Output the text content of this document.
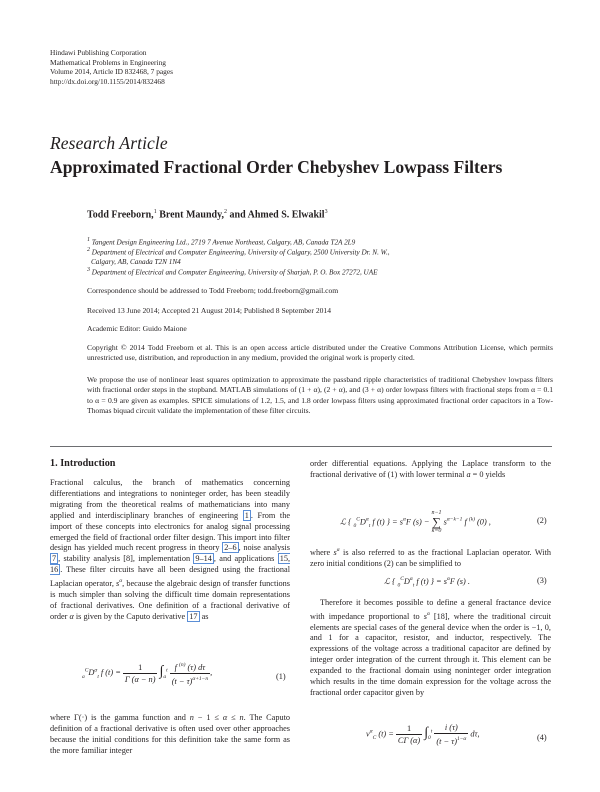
Hindawi Publishing Corporation
Mathematical Problems in Engineering
Volume 2014, Article ID 832468, 7 pages
http://dx.doi.org/10.1155/2014/832468
Research Article
Approximated Fractional Order Chebyshev Lowpass Filters
Todd Freeborn,$^1$ Brent Maundy,$^2$ and Ahmed S. Elwakil$^3$
$^1$ Tangent Design Engineering Ltd., 2719 7 Avenue Northeast, Calgary, AB, Canada T2A 2L9
$^2$ Department of Electrical and Computer Engineering, University of Calgary, 2500 University Dr. N. W.,
Calgary, AB, Canada T2N 1N4
$^3$ Department of Electrical and Computer Engineering, University of Sharjah, P. O. Box 27272, UAE
Correspondence should be addressed to Todd Freeborn; todd.freeborn@gmail.com
Received 13 June 2014; Accepted 21 August 2014; Published 8 September 2014
Academic Editor: Guido Maione
Copyright © 2014 Todd Freeborn et al. This is an open access article distributed under the Creative Commons Attribution License, which permits unrestricted use, distribution, and reproduction in any medium, provided the original work is properly cited.
We propose the use of nonlinear least squares optimization to approximate the passband ripple characteristics of traditional Chebyshev lowpass filters with fractional order steps in the stopband. MATLAB simulations of (1 + α), (2 + α), and (3 + α) order lowpass filters with fractional steps from α = 0.1 to α = 0.9 are given as examples. SPICE simulations of 1.2, 1.5, and 1.8 order lowpass filters using approximated fractional order capacitors in a Tow-Thomas biquad circuit validate the implementation of these filter circuits.
1. Introduction

Fractional calculus, the branch of mathematics concerning differentiations and integrations to noninteger order, has been steadily migrating from the theoretical realms of mathematicians into many applied and interdisciplinary branches of engineering 1 . From the import of these concepts into electronics for analog signal processing emerged the field of fractional order filter design. This import into filter design has yielded much recent progress in theory 2–6 , noise analysis 7 , stability analysis [8], implementation 9–14 , and applications 15, 16 . These filter circuits have all been designed using the fractional Laplacian operator, $s^\alpha$, because the algebraic design of transfer functions is much simpler than solving the difficult time domain representations of fractional derivatives. One definition of a fractional derivative of order α is given by the Caputo derivative 17 as

$_a^CD^\alpha_t$ f $(t) = \frac{1}{\Gamma (\alpha - n)} \int_a^t \frac{f ^{(n)} (\tau) d\tau}{(t - \tau)^{\alpha+1-n}}$ ,	(1)

where Γ(·) is the gamma function and n − 1 ≤ α ≤ n. The Caputo definition of a fractional derivative is often used over other approaches because the initial conditions for this definition take the same form as the more familiar integer

order differential equations. Applying the Laplace transform to the fractional derivative of (1) with lower terminal a = 0 yields

ℒ { $_0^CD^\alpha_t$ f (t) } = $s^\alpha F$ (s) −
n−1
∑
k=0
$s^{\alpha-k-1}$ f $^{(k)}$ (0) ,	(2)

where $s^\alpha$ is also referred to as the fractional Laplacian operator. With zero initial conditions (2) can be simplified to

ℒ { $_0^CD^\alpha_t$ f (t) } = $s^\alpha F$ (s) .	(3)

Therefore it becomes possible to define a general fractance device with impedance proportional to $s^\alpha$ [18], where the traditional circuit elements are special cases of the general device when the order is −1, 0, and 1 for a capacitor, resistor, and inductor, respectively. The expressions of the voltage across a traditional capacitor are defined by integer order integration of the current through it. This element can be expanded to the fractional domain using noninteger order integration which results in the time domain expression for the voltage across the fractional order capacitor given by

$v^\alpha_C$ $(t) = \frac{1}{C\Gamma (\alpha)} \int_0^t \frac{i (\tau)}{(t - \tau)^{1-\alpha}} d\tau$,	(4)
